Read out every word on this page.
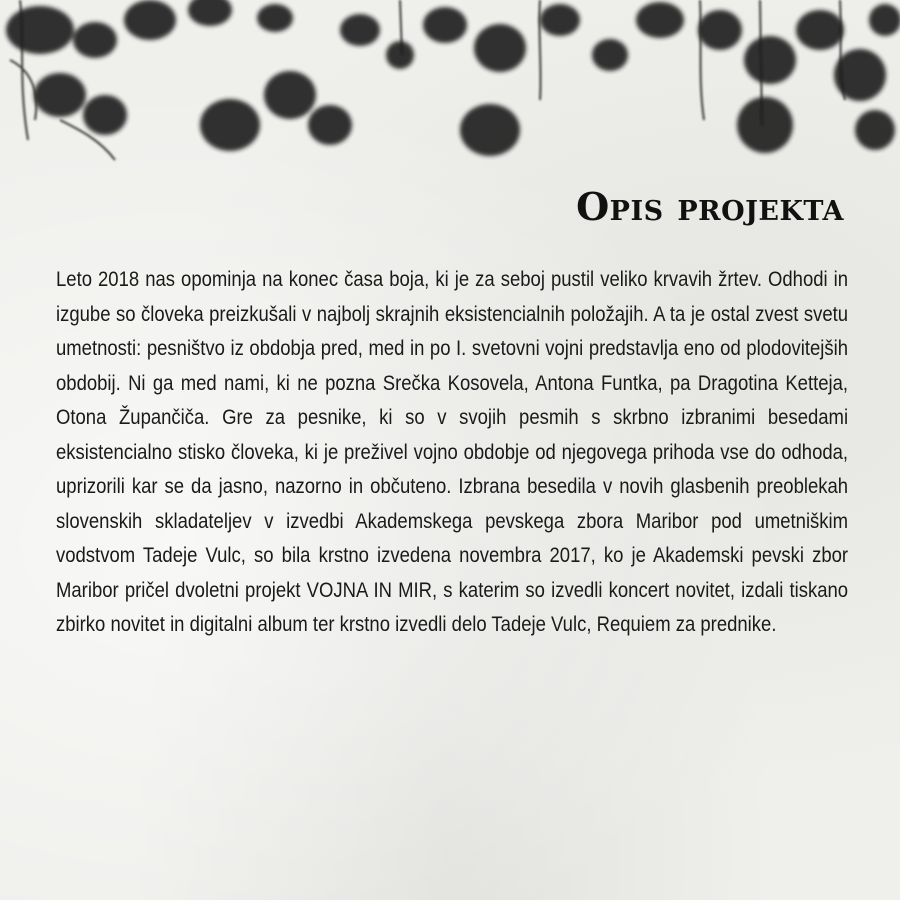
Opis projekta

Leto 2018 nas opominja na konec časa boja, ki je za seboj pustil veliko krvavih žrtev. Odhodi in izgube so človeka preizkušali v najbolj skrajnih eksistencialnih položajih. A ta je ostal zvest svetu umetnosti: pesništvo iz obdobja pred, med in po I. svetovni vojni predstavlja eno od plodovitejših obdobij. Ni ga med nami, ki ne pozna Srečka Kosovela, Antona Funtka, pa Dragotina Ketteja, Otona Župančiča. Gre za pesnike, ki so v svojih pesmih s skrbno izbranimi besedami eksistencialno stisko človeka, ki je preživel vojno obdobje od njegovega prihoda vse do odhoda, uprizorili kar se da jasno, nazorno in občuteno. Izbrana besedila v novih glasbenih preoblekah slovenskih skladateljev v izvedbi Akademskega pevskega zbora Maribor pod umetniškim vodstvom Tadeje Vulc, so bila krstno izvedena novembra 2017, ko je Akademski pevski zbor Maribor pričel dvoletni projekt VOJNA IN MIR, s katerim so izvedli koncert novitet, izdali tiskano zbirko novitet in digitalni album ter krstno izvedli delo Tadeje Vulc, Requiem za prednike.
